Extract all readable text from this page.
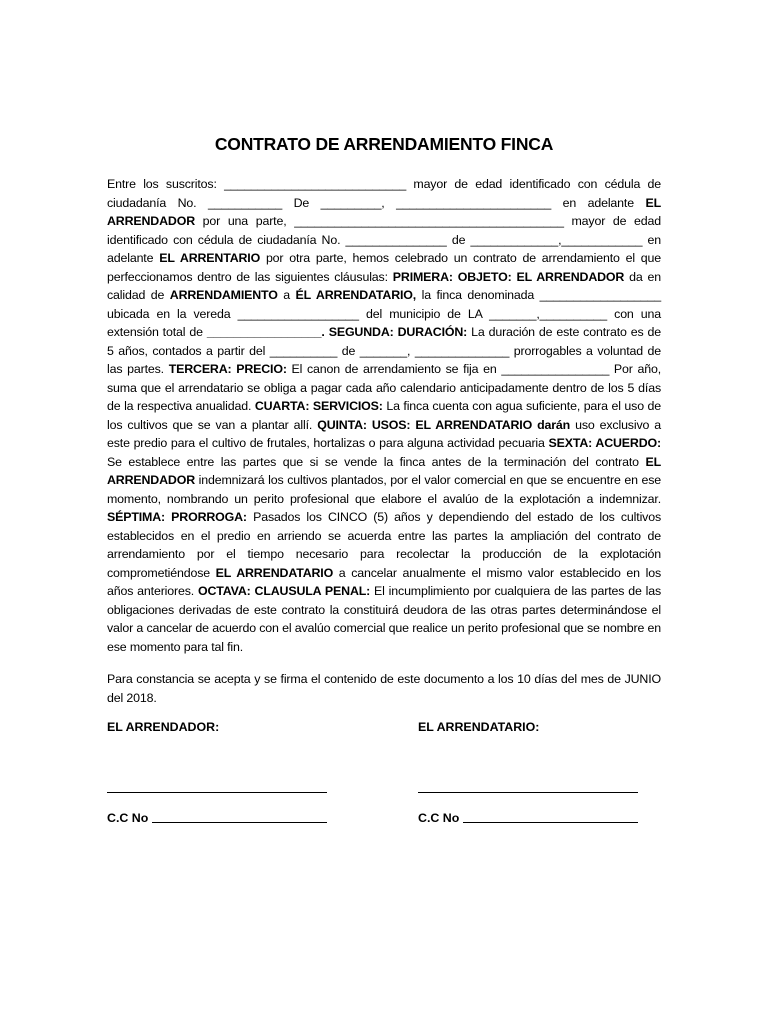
CONTRATO DE ARRENDAMIENTO FINCA

Entre los suscritos: ___________________________ mayor de edad identificado con cédula de ciudadanía No. ___________ De _________, _______________________ en adelante EL ARRENDADOR por una parte, ________________________________________ mayor de edad identificado con cédula de ciudadanía No. _______________ de _____________,____________ en adelante EL ARRENTARIO por otra parte, hemos celebrado un contrato de arrendamiento el que perfeccionamos dentro de las siguientes cláusulas: PRIMERA: OBJETO: EL ARRENDADOR da en calidad de ARRENDAMIENTO a ÉL ARRENDATARIO, la finca denominada __________________ ubicada en la vereda __________________ del municipio de LA _______,__________ con una extensión total de _________________. SEGUNDA: DURACIÓN: La duración de este contrato es de 5 años, contados a partir del __________ de _______, ______________ prorrogables a voluntad de las partes. TERCERA: PRECIO: El canon de arrendamiento se fija en ________________ Por año, suma que el arrendatario se obliga a pagar cada año calendario anticipadamente dentro de los 5 días de la respectiva anualidad. CUARTA: SERVICIOS: La finca cuenta con agua suficiente, para el uso de los cultivos que se van a plantar allí. QUINTA: USOS: EL ARRENDATARIO darán uso exclusivo a este predio para el cultivo de frutales, hortalizas o para alguna actividad pecuaria SEXTA: ACUERDO: Se establece entre las partes que si se vende la finca antes de la terminación del contrato EL ARRENDADOR indemnizará los cultivos plantados, por el valor comercial en que se encuentre en ese momento, nombrando un perito profesional que elabore el avalúo de la explotación a indemnizar. SÉPTIMA: PRORROGA: Pasados los CINCO (5) años y dependiendo del estado de los cultivos establecidos en el predio en arriendo se acuerda entre las partes la ampliación del contrato de arrendamiento por el tiempo necesario para recolectar la producción de la explotación comprometiéndose EL ARRENDATARIO a cancelar anualmente el mismo valor establecido en los años anteriores. OCTAVA: CLAUSULA PENAL: El incumplimiento por cualquiera de las partes de las obligaciones derivadas de este contrato la constituirá deudora de las otras partes determinándose el valor a cancelar de acuerdo con el avalúo comercial que realice un perito profesional que se nombre en ese momento para tal fin.

Para constancia se acepta y se firma el contenido de este documento a los 10 días del mes de JUNIO del 2018.

EL ARRENDADOR:	EL ARRENDATARIO:
C.C No	C.C No
